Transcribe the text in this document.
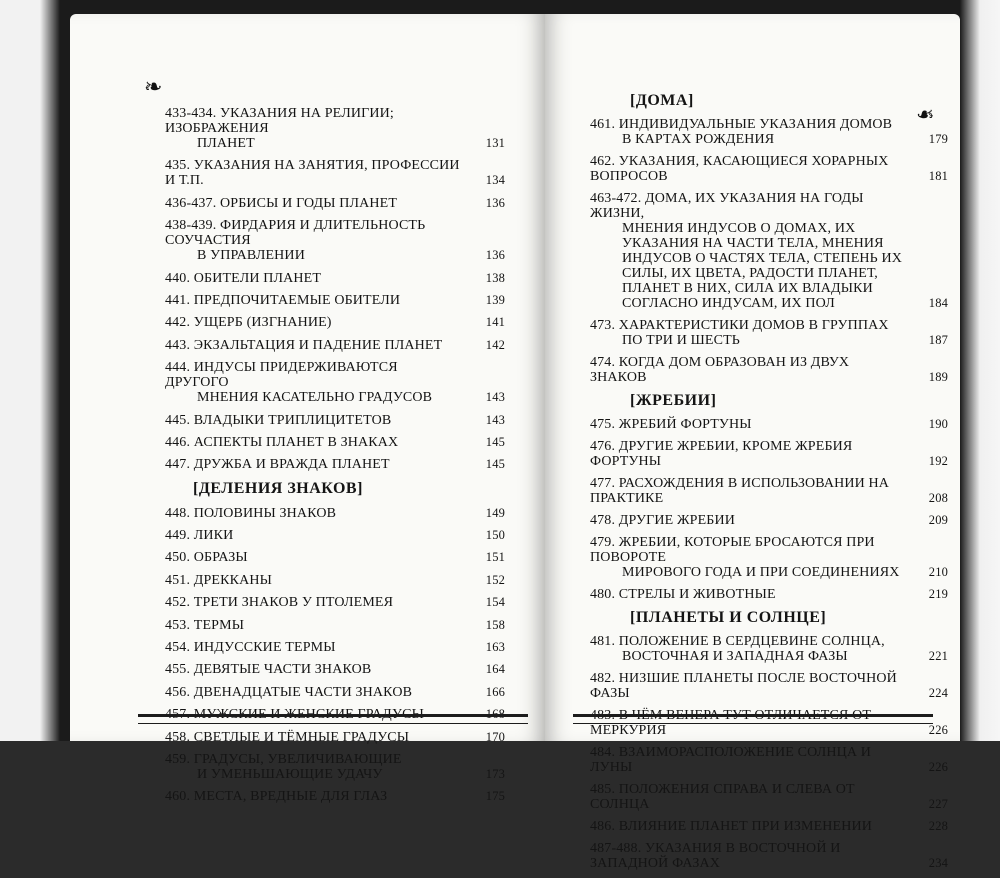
❧
433-434. УКАЗАНИЯ НА РЕЛИГИИ; ИЗОБРАЖЕНИЯ
ПЛАНЕТ	131
435. УКАЗАНИЯ НА ЗАНЯТИЯ, ПРОФЕССИИ И Т.П.	134
436-437. ОРБИСЫ И ГОДЫ ПЛАНЕТ	136
438-439. ФИРДАРИЯ И ДЛИТЕЛЬНОСТЬ СОУЧАСТИЯ
В УПРАВЛЕНИИ	136
440. ОБИТЕЛИ ПЛАНЕТ	138
441. ПРЕДПОЧИТАЕМЫЕ ОБИТЕЛИ	139
442. УЩЕРБ (ИЗГНАНИЕ)	141
443. ЭКЗАЛЬТАЦИЯ И ПАДЕНИЕ ПЛАНЕТ	142
444. ИНДУСЫ ПРИДЕРЖИВАЮТСЯ ДРУГОГО
МНЕНИЯ КАСАТЕЛЬНО ГРАДУСОВ	143
445. ВЛАДЫКИ ТРИПЛИЦИТЕТОВ	143
446. АСПЕКТЫ ПЛАНЕТ В ЗНАКАХ	145
447. ДРУЖБА И ВРАЖДА ПЛАНЕТ	145
[ДЕЛЕНИЯ ЗНАКОВ]
448. ПОЛОВИНЫ ЗНАКОВ	149
449. ЛИКИ	150
450. ОБРАЗЫ	151
451. ДРЕККАНЫ	152
452. ТРЕТИ ЗНАКОВ У ПТОЛЕМЕЯ	154
453. ТЕРМЫ	158
454. ИНДУССКИЕ ТЕРМЫ	163
455. ДЕВЯТЫЕ ЧАСТИ ЗНАКОВ	164
456. ДВЕНАДЦАТЫЕ ЧАСТИ ЗНАКОВ	166
457. МУЖСКИЕ И ЖЕНСКИЕ ГРАДУСЫ	168
458. СВЕТЛЫЕ И ТЁМНЫЕ ГРАДУСЫ	170
459. ГРАДУСЫ, УВЕЛИЧИВАЮЩИЕ
И УМЕНЬШАЮЩИЕ УДАЧУ	173
460. МЕСТА, ВРЕДНЫЕ ДЛЯ ГЛАЗ	175
❧
[ДОМА]
461. ИНДИВИДУАЛЬНЫЕ УКАЗАНИЯ ДОМОВ
В КАРТАХ РОЖДЕНИЯ	179
462. УКАЗАНИЯ, КАСАЮЩИЕСЯ ХОРАРНЫХ ВОПРОСОВ	181
463-472. ДОМА, ИХ УКАЗАНИЯ НА ГОДЫ ЖИЗНИ,
МНЕНИЯ ИНДУСОВ О ДОМАХ, ИХ УКАЗАНИЯ НА ЧАСТИ ТЕЛА, МНЕНИЯ ИНДУСОВ О ЧАСТЯХ ТЕЛА, СТЕПЕНЬ ИХ СИЛЫ, ИХ ЦВЕТА, РАДОСТИ ПЛАНЕТ, ПЛАНЕТ В НИХ, СИЛА ИХ ВЛАДЫКИ СОГЛАСНО ИНДУСАМ, ИХ ПОЛ	184
473. ХАРАКТЕРИСТИКИ ДОМОВ В ГРУППАХ
ПО ТРИ И ШЕСТЬ	187
474. КОГДА ДОМ ОБРАЗОВАН ИЗ ДВУХ ЗНАКОВ	189
[ЖРЕБИИ]
475. ЖРЕБИЙ ФОРТУНЫ	190
476. ДРУГИЕ ЖРЕБИИ, КРОМЕ ЖРЕБИЯ ФОРТУНЫ	192
477. РАСХОЖДЕНИЯ В ИСПОЛЬЗОВАНИИ НА ПРАКТИКЕ	208
478. ДРУГИЕ ЖРЕБИИ	209
479. ЖРЕБИИ, КОТОРЫЕ БРОСАЮТСЯ ПРИ ПОВОРОТЕ
МИРОВОГО ГОДА И ПРИ СОЕДИНЕНИЯХ	210
480. СТРЕЛЫ И ЖИВОТНЫЕ	219
[ПЛАНЕТЫ И СОЛНЦЕ]
481. ПОЛОЖЕНИЕ В СЕРДЦЕВИНЕ СОЛНЦА,
ВОСТОЧНАЯ И ЗАПАДНАЯ ФАЗЫ	221
482. НИЗШИЕ ПЛАНЕТЫ ПОСЛЕ ВОСТОЧНОЙ ФАЗЫ	224
483. В ЧЁМ ВЕНЕРА ТУТ ОТЛИЧАЕТСЯ ОТ МЕРКУРИЯ	226
484. ВЗАИМОРАСПОЛОЖЕНИЕ СОЛНЦА И ЛУНЫ	226
485. ПОЛОЖЕНИЯ СПРАВА И СЛЕВА ОТ СОЛНЦА	227
486. ВЛИЯНИЕ ПЛАНЕТ ПРИ ИЗМЕНЕНИИ	228
487-488. УКАЗАНИЯ В ВОСТОЧНОЙ И ЗАПАДНОЙ ФАЗАХ	234
